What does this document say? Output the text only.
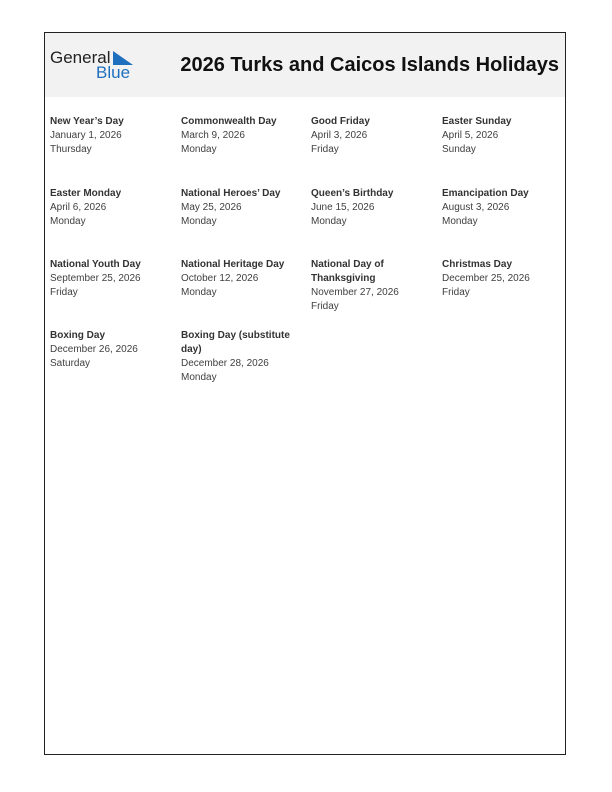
General
Blue	2026 Turks and Caicos Islands Holidays
New Year’s Day
January 1, 2026
Thursday
Commonwealth Day
March 9, 2026
Monday
Good Friday
April 3, 2026
Friday
Easter Sunday
April 5, 2026
Sunday
Easter Monday
April 6, 2026
Monday
National Heroes’ Day
May 25, 2026
Monday
Queen’s Birthday
June 15, 2026
Monday
Emancipation Day
August 3, 2026
Monday
National Youth Day
September 25, 2026
Friday
National Heritage Day
October 12, 2026
Monday
National Day of Thanksgiving
November 27, 2026
Friday
Christmas Day
December 25, 2026
Friday
Boxing Day
December 26, 2026
Saturday
Boxing Day (substitute day)
December 28, 2026
Monday
